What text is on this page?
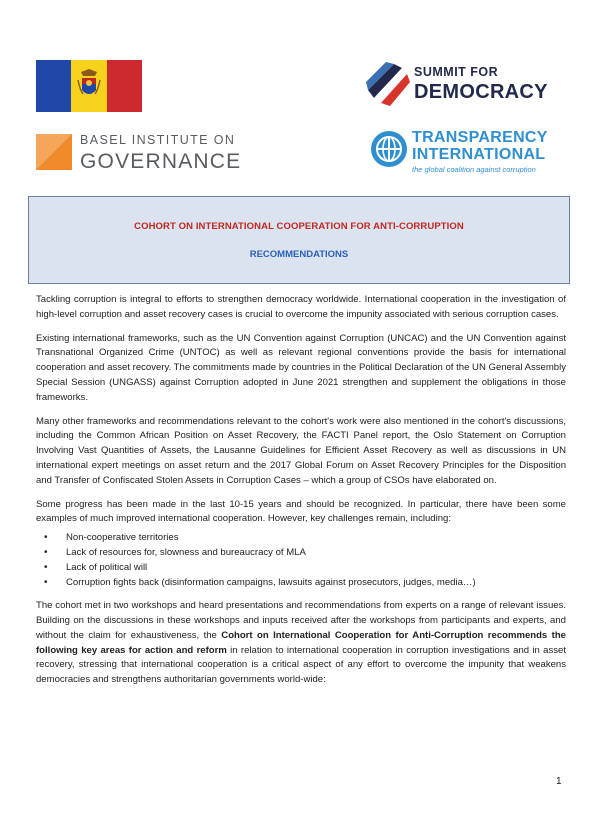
SUMMIT FOR
DEMOCRACY
BASEL INSTITUTE ON
GOVERNANCE
TRANSPARENCY
INTERNATIONAL
the global coalition against corruption
COHORT ON INTERNATIONAL COOPERATION FOR ANTI-CORRUPTION
RECOMMENDATIONS

Tackling corruption is integral to efforts to strengthen democracy worldwide. International cooperation in the investigation of high-level corruption and asset recovery cases is crucial to overcome the impunity associated with serious corruption cases.

Existing international frameworks, such as the UN Convention against Corruption (UNCAC) and the UN Convention against Transnational Organized Crime (UNTOC) as well as relevant regional conventions provide the basis for international cooperation and asset recovery. The commitments made by countries in the Political Declaration of the UN General Assembly Special Session (UNGASS) against Corruption adopted in June 2021 strengthen and supplement the obligations in those frameworks.

Many other frameworks and recommendations relevant to the cohort's work were also mentioned in the cohort's discussions, including the Common African Position on Asset Recovery, the FACTI Panel report, the Oslo Statement on Corruption Involving Vast Quantities of Assets, the Lausanne Guidelines for Efficient Asset Recovery as well as discussions in UN international expert meetings on asset return and the 2017 Global Forum on Asset Recovery Principles for the Disposition and Transfer of Confiscated Stolen Assets in Corruption Cases – which a group of CSOs have elaborated on.

Some progress has been made in the last 10-15 years and should be recognized. In particular, there have been some examples of much improved international cooperation. However, key challenges remain, including:

• Non-cooperative territories
• Lack of resources for, slowness and bureaucracy of MLA
• Lack of political will
• Corruption fights back (disinformation campaigns, lawsuits against prosecutors, judges, media…)

The cohort met in two workshops and heard presentations and recommendations from experts on a range of relevant issues. Building on the discussions in these workshops and inputs received after the workshops from participants and experts, and without the claim for exhaustiveness, the Cohort on International Cooperation for Anti-Corruption recommends the following key areas for action and reform in relation to international cooperation in corruption investigations and in asset recovery, stressing that international cooperation is a critical aspect of any effort to overcome the impunity that weakens democracies and strengthens authoritarian governments world-wide:

1
